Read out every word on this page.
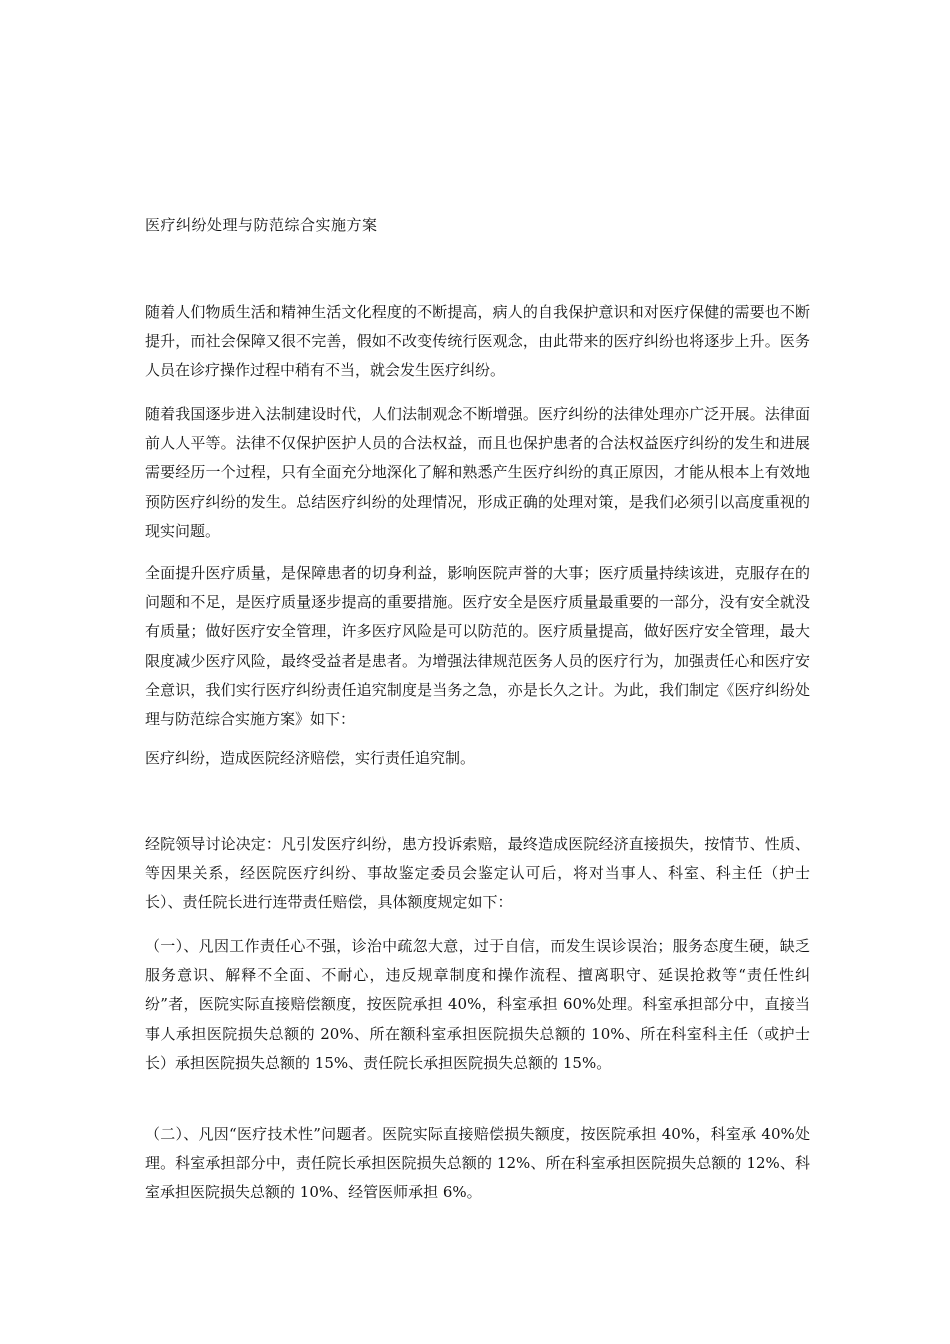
医疗纠纷处理与防范综合实施方案

随着人们物质生活和精神生活文化程度的不断提高，病人的自我保护意识和对医疗保健的需要也不断提升，而社会保障又很不完善，假如不改变传统行医观念，由此带来的医疗纠纷也将逐步上升。医务人员在诊疗操作过程中稍有不当，就会发生医疗纠纷。

随着我国逐步进入法制建设时代，人们法制观念不断增强。医疗纠纷的法律处理亦广泛开展。法律面前人人平等。法律不仅保护医护人员的合法权益，而且也保护患者的合法权益医疗纠纷的发生和进展需要经历一个过程，只有全面充分地深化了解和熟悉产生医疗纠纷的真正原因，才能从根本上有效地预防医疗纠纷的发生。总结医疗纠纷的处理情况，形成正确的处理对策，是我们必须引以高度重视的现实问题。

全面提升医疗质量，是保障患者的切身利益，影响医院声誉的大事；医疗质量持续该进，克服存在的问题和不足，是医疗质量逐步提高的重要措施。医疗安全是医疗质量最重要的一部分，没有安全就没有质量；做好医疗安全管理，许多医疗风险是可以防范的。医疗质量提高，做好医疗安全管理，最大限度减少医疗风险，最终受益者是患者。为增强法律规范医务人员的医疗行为，加强责任心和医疗安全意识，我们实行医疗纠纷责任追究制度是当务之急，亦是长久之计。为此，我们制定《医疗纠纷处理与防范综合实施方案》如下：

医疗纠纷，造成医院经济赔偿，实行责任追究制。

经院领导讨论决定：凡引发医疗纠纷，患方投诉索赔，最终造成医院经济直接损失，按情节、性质、等因果关系，经医院医疗纠纷、事故鉴定委员会鉴定认可后，将对当事人、科室、科主任（护士长）、责任院长进行连带责任赔偿，具体额度规定如下：

（一）、凡因工作责任心不强，诊治中疏忽大意，过于自信，而发生误诊误治；服务态度生硬，缺乏服务意识、解释不全面、不耐心，违反规章制度和操作流程、擅离职守、延误抢救等“责任性纠纷”者，医院实际直接赔偿额度，按医院承担 40%，科室承担 60%处理。科室承担部分中，直接当事人承担医院损失总额的 20%、所在额科室承担医院损失总额的 10%、所在科室科主任（或护士长）承担医院损失总额的 15%、责任院长承担医院损失总额的 15%。

（二）、凡因“医疗技术性”问题者。医院实际直接赔偿损失额度，按医院承担 40%，科室承 40%处理。科室承担部分中，责任院长承担医院损失总额的 12%、所在科室承担医院损失总额的 12%、科室承担医院损失总额的 10%、经管医师承担 6%。
